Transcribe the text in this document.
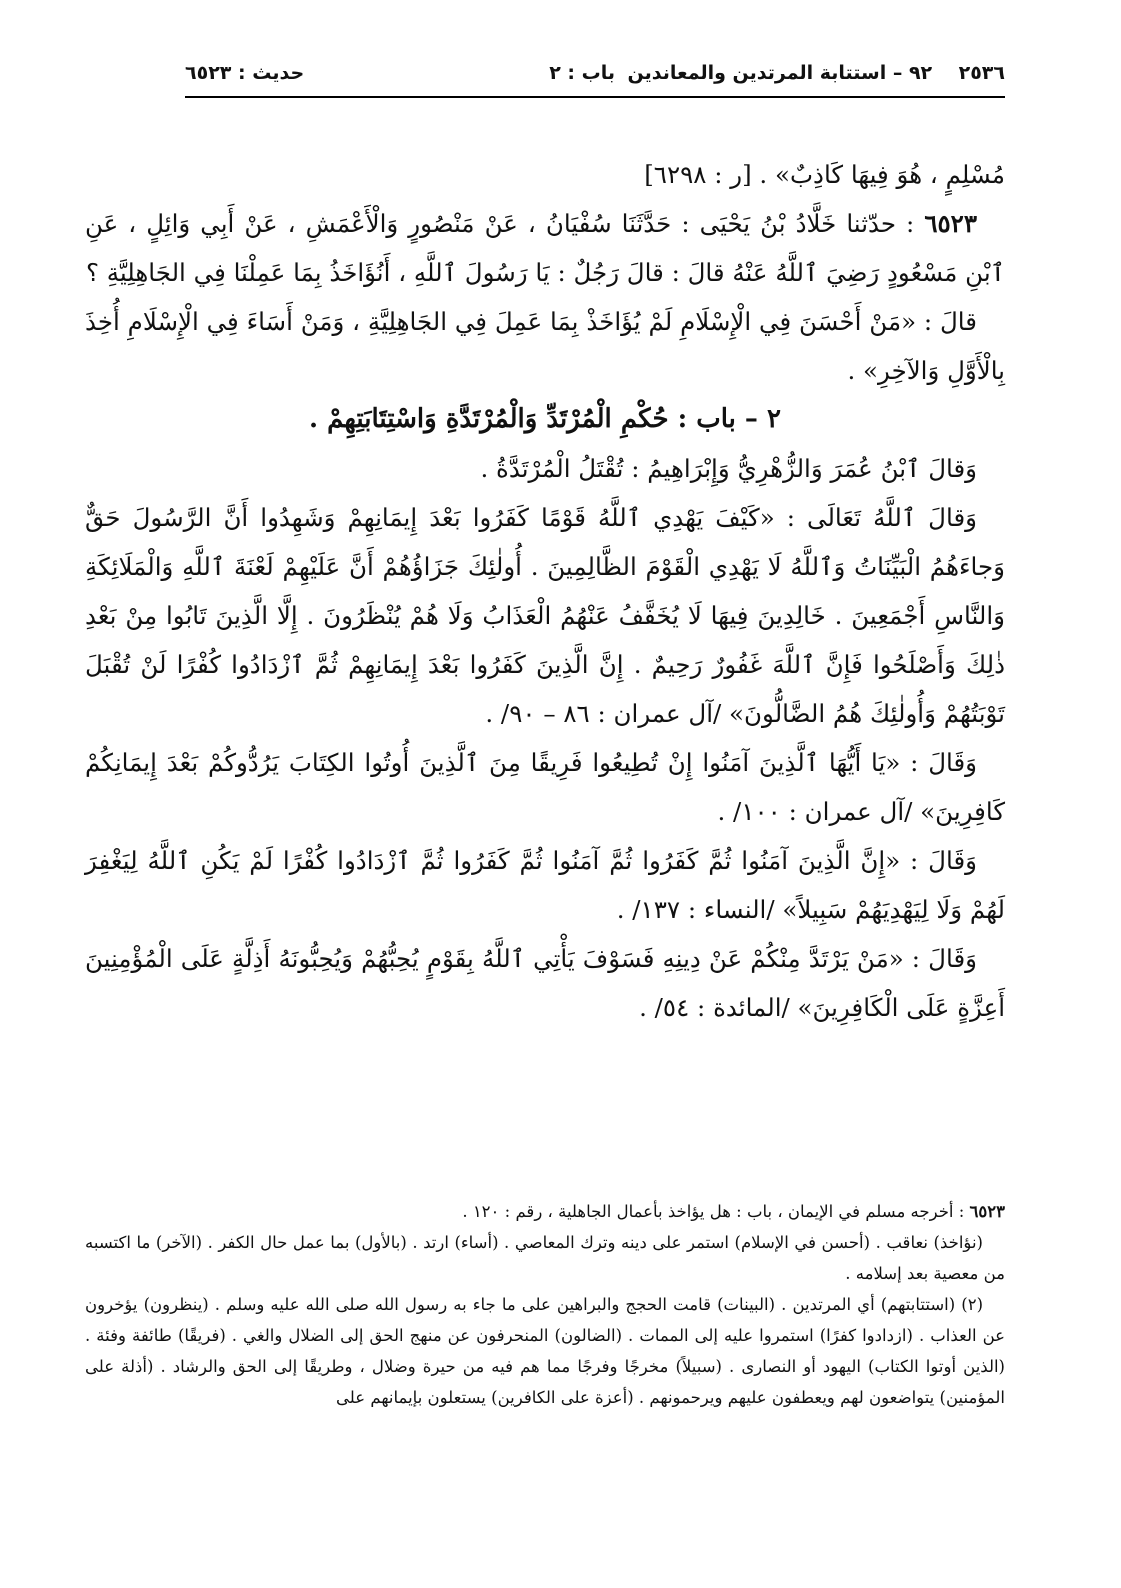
٢٥٣٦    ٩٢ – استتابة المرتدين والمعاندين
باب : ٢
حديث : ٦٥٢٣

مُسْلِمٍ ، هُوَ فِيهَا كَاذِبٌ» . [ر : ٦٢٩٨]

٦٥٢٣ : حدّثنا خَلَّادُ بْنُ يَحْيَى : حَدَّثَنَا سُفْيَانُ ، عَنْ مَنْصُورٍ وَالْأَعْمَشِ ، عَنْ أَبِي وَائِلٍ ، عَنِ ٱبْنِ مَسْعُودٍ رَضِيَ ٱللَّهُ عَنْهُ قالَ : قالَ رَجُلٌ : يَا رَسُولَ ٱللَّهِ ، أَنُؤَاخَذُ بِمَا عَمِلْنَا فِي الجَاهِلِيَّةِ ؟

قالَ : «مَنْ أَحْسَنَ فِي الْإِسْلَامِ لَمْ يُؤَاخَذْ بِمَا عَمِلَ فِي الجَاهِلِيَّةِ ، وَمَنْ أَسَاءَ فِي الْإِسْلَامِ أُخِذَ بِالْأَوَّلِ وَالآخِرِ» .

٢ – باب : حُكْمِ الْمُرْتَدِّ وَالْمُرْتَدَّةِ وَاسْتِتَابَتِهِمْ .

وَقالَ ٱبْنُ عُمَرَ وَالزُّهْرِيُّ وَإِبْرَاهِيمُ : تُقْتَلُ الْمُرْتَدَّةُ .

وَقالَ ٱللَّهُ تَعَالَى : «كَيْفَ يَهْدِي ٱللَّهُ قَوْمًا كَفَرُوا بَعْدَ إِيمَانِهِمْ وَشَهِدُوا أَنَّ الرَّسُولَ حَقٌّ وَجاءَهُمُ الْبَيِّنَاتُ وَٱللَّهُ لَا يَهْدِي الْقَوْمَ الظَّالِمِينَ . أُولٰئِكَ جَزَاؤُهُمْ أَنَّ عَلَيْهِمْ لَعْنَةَ ٱللَّهِ وَالْمَلَائِكَةِ وَالنَّاسِ أَجْمَعِينَ . خَالِدِينَ فِيهَا لَا يُخَفَّفُ عَنْهُمُ الْعَذَابُ وَلَا هُمْ يُنْظَرُونَ . إِلَّا الَّذِينَ تَابُوا مِنْ بَعْدِ ذٰلِكَ وَأَصْلَحُوا فَإِنَّ ٱللَّهَ غَفُورٌ رَحِيمٌ . إِنَّ الَّذِينَ كَفَرُوا بَعْدَ إِيمَانِهِمْ ثُمَّ ٱزْدَادُوا كُفْرًا لَنْ تُقْبَلَ تَوْبَتُهُمْ وَأُولٰئِكَ هُمُ الضَّالُّونَ» /آل عمران : ٨٦ – ٩٠/ .

وَقَالَ : «يَا أَيُّهَا ٱلَّذِينَ آمَنُوا إِنْ تُطِيعُوا فَرِيقًا مِنَ ٱلَّذِينَ أُوتُوا الكِتَابَ يَرُدُّوكُمْ بَعْدَ إِيمَانِكُمْ كَافِرِينَ» /آل عمران : ١٠٠/ .

وَقَالَ : «إِنَّ الَّذِينَ آمَنُوا ثُمَّ كَفَرُوا ثُمَّ آمَنُوا ثُمَّ كَفَرُوا ثُمَّ ٱزْدَادُوا كُفْرًا لَمْ يَكُنِ ٱللَّهُ لِيَغْفِرَ لَهُمْ وَلَا لِيَهْدِيَهُمْ سَبِيلاً» /النساء : ١٣٧/ .

وَقَالَ : «مَنْ يَرْتَدَّ مِنْكُمْ عَنْ دِينِهِ فَسَوْفَ يَأْتِي ٱللَّهُ بِقَوْمٍ يُحِبُّهُمْ وَيُحِبُّونَهُ أَذِلَّةٍ عَلَى الْمُؤْمِنِينَ أَعِزَّةٍ عَلَى الْكَافِرِينَ» /المائدة : ٥٤/ .

٦٥٢٣ : أخرجه مسلم في الإيمان ، باب : هل يؤاخذ بأعمال الجاهلية ، رقم : ١٢٠ .

(نؤاخذ) نعاقب . (أحسن في الإسلام) استمر على دينه وترك المعاصي . (أساء) ارتد . (بالأول) بما عمل حال الكفر . (الآخر) ما اكتسبه من معصية بعد إسلامه .

(٢) (استتابتهم) أي المرتدين . (البينات) قامت الحجج والبراهين على ما جاء به رسول الله صلى الله عليه وسلم . (ينظرون) يؤخرون عن العذاب . (ازدادوا كفرًا) استمروا عليه إلى الممات . (الضالون) المنحرفون عن منهج الحق إلى الضلال والغي . (فريقًا) طائفة وفئة . (الذين أوتوا الكتاب) اليهود أو النصارى . (سبيلاً) مخرجًا وفرجًا مما هم فيه من حيرة وضلال ، وطريقًا إلى الحق والرشاد . (أذلة على المؤمنين) يتواضعون لهم ويعطفون عليهم ويرحمونهم . (أعزة على الكافرين) يستعلون بإيمانهم على
